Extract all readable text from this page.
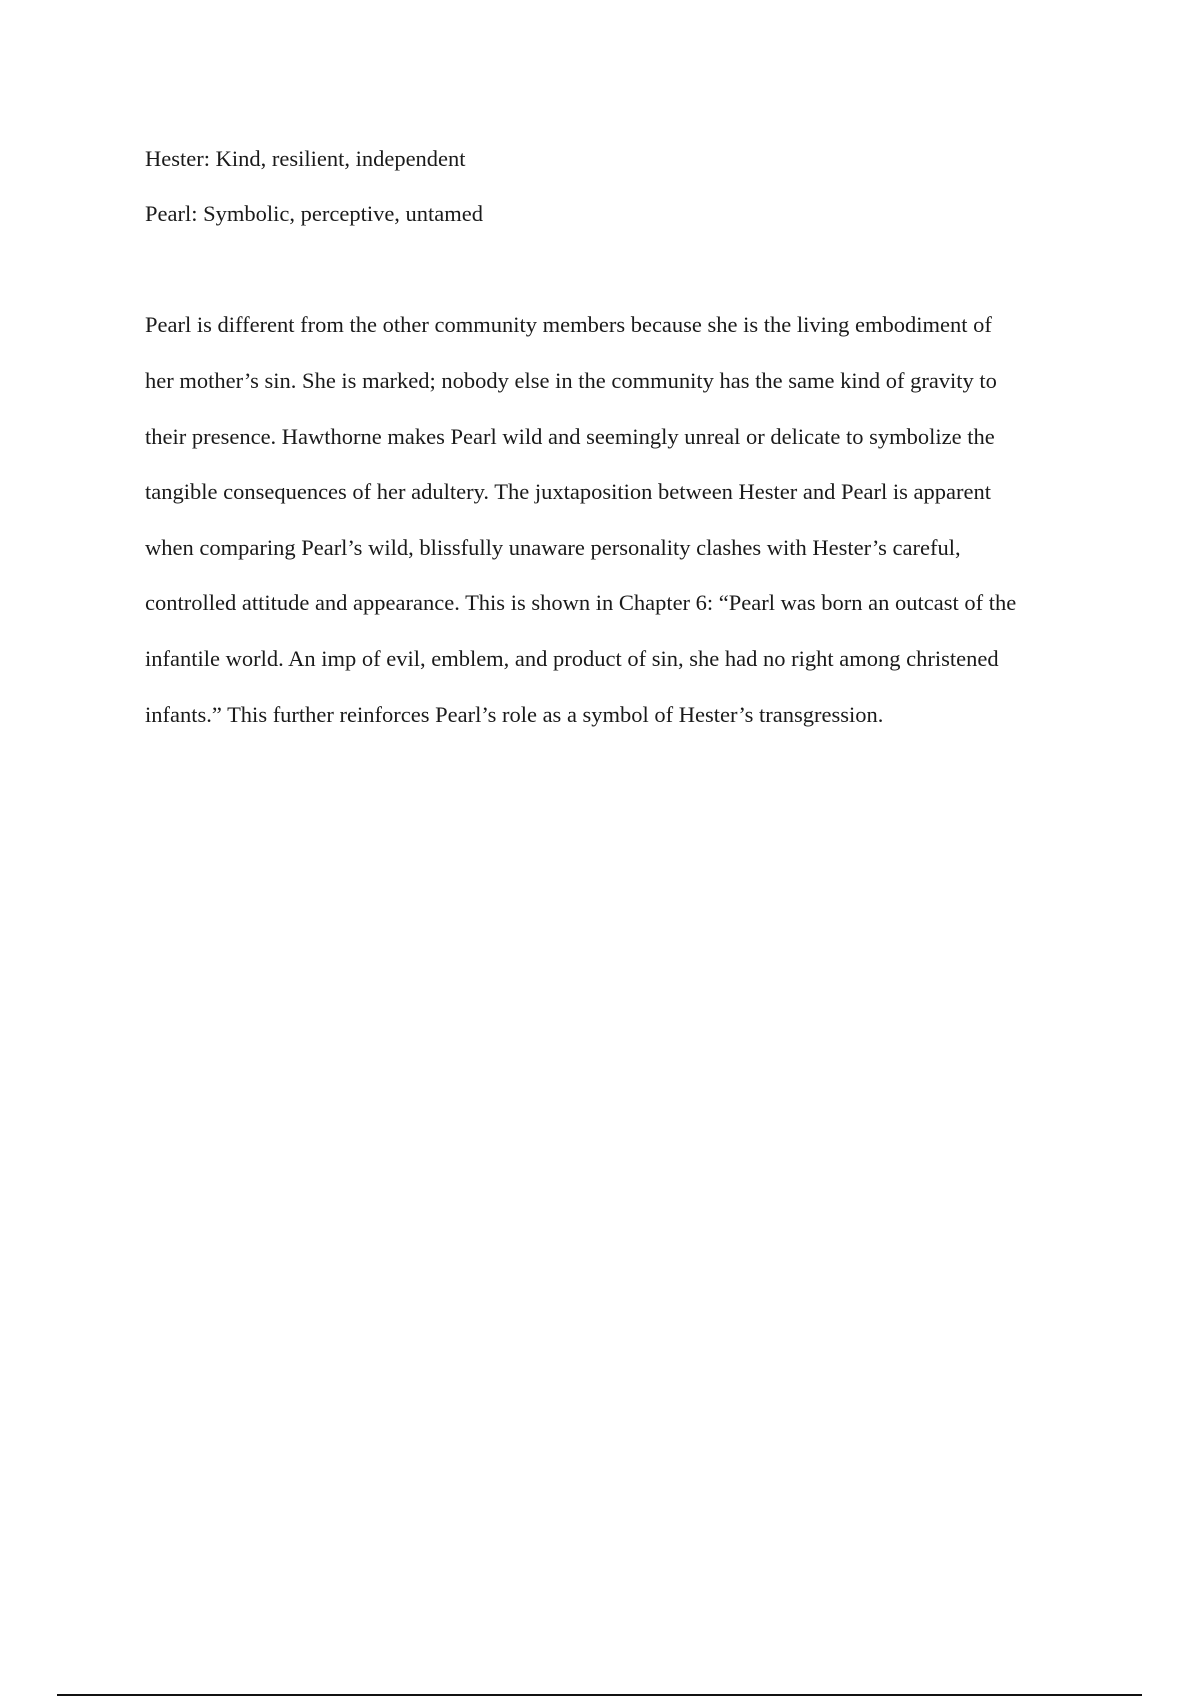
Hester: Kind, resilient, independent

Pearl: Symbolic, perceptive, untamed

Pearl is different from the other community members because she is the living embodiment of

her mother’s sin. She is marked; nobody else in the community has the same kind of gravity to

their presence. Hawthorne makes Pearl wild and seemingly unreal or delicate to symbolize the

tangible consequences of her adultery. The juxtaposition between Hester and Pearl is apparent

when comparing Pearl’s wild, blissfully unaware personality clashes with Hester’s careful,

controlled attitude and appearance. This is shown in Chapter 6: “Pearl was born an outcast of the

infantile world. An imp of evil, emblem, and product of sin, she had no right among christened

infants.” This further reinforces Pearl’s role as a symbol of Hester’s transgression.
